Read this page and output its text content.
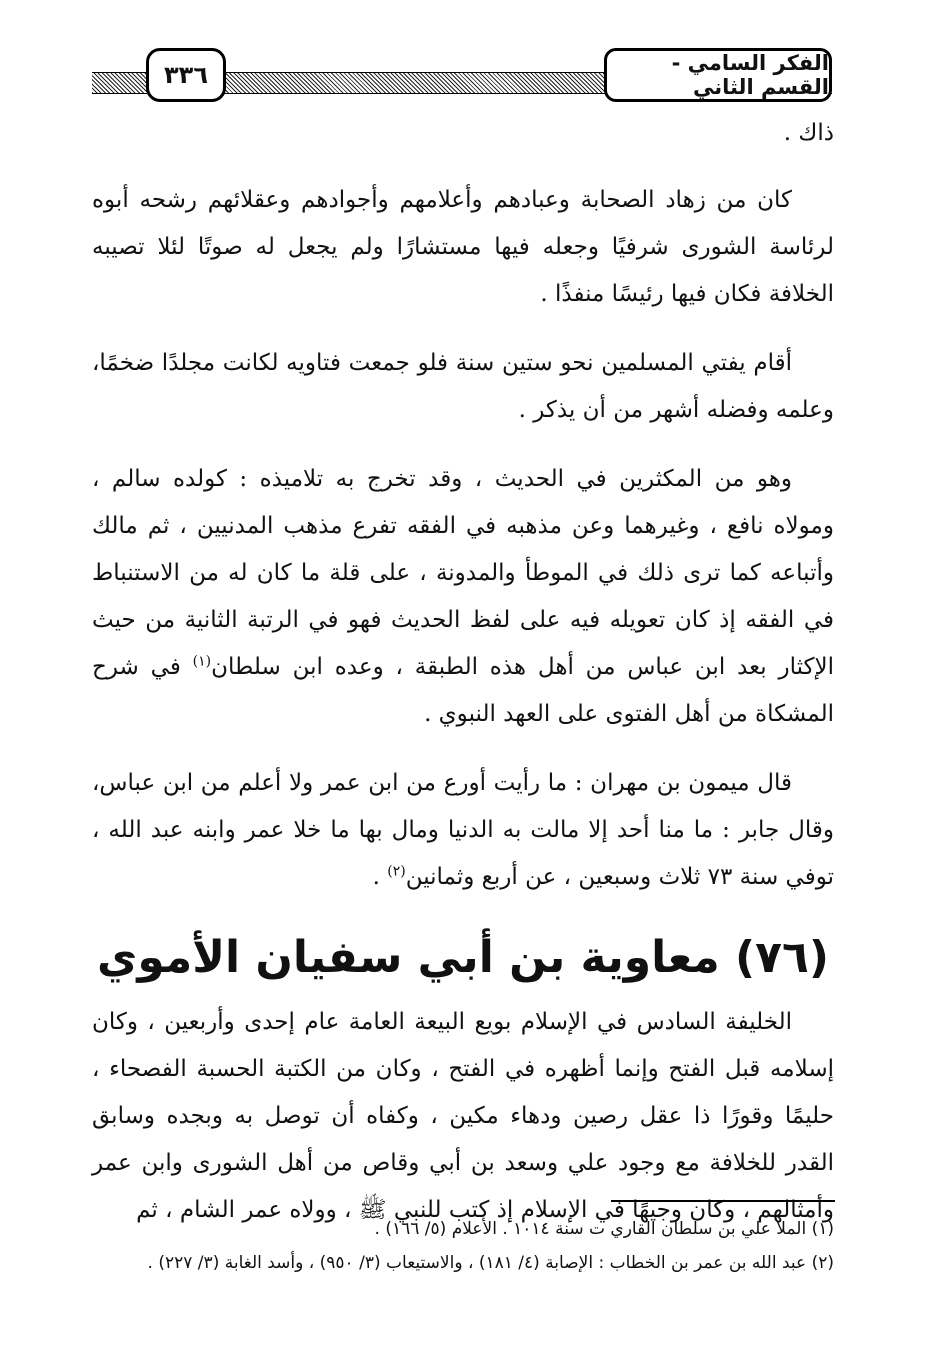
٣٣٦	الفكر السامي - القسم الثاني

ذاك .

كان من زهاد الصحابة وعبادهم وأعلامهم وأجوادهم وعقلائهم رشحه أبوه لرئاسة الشورى شرفيًا وجعله فيها مستشارًا ولم يجعل له صوتًا لئلا تصيبه الخلافة فكان فيها رئيسًا منفذًا .

أقام يفتي المسلمين نحو ستين سنة فلو جمعت فتاويه لكانت مجلدًا ضخمًا، وعلمه وفضله أشهر من أن يذكر .

وهو من المكثرين في الحديث ، وقد تخرج به تلاميذه : كولده سالم ، ومولاه نافع ، وغيرهما وعن مذهبه في الفقه تفرع مذهب المدنيين ، ثم مالك وأتباعه كما ترى ذلك في الموطأ والمدونة ، على قلة ما كان له من الاستنباط في الفقه إذ كان تعويله فيه على لفظ الحديث فهو في الرتبة الثانية من حيث الإكثار بعد ابن عباس من أهل هذه الطبقة ، وعده ابن سلطان$^{(١)}$ في شرح المشكاة من أهل الفتوى على العهد النبوي .

قال ميمون بن مهران : ما رأيت أورع من ابن عمر ولا أعلم من ابن عباس، وقال جابر : ما منا أحد إلا مالت به الدنيا ومال بها ما خلا عمر وابنه عبد الله ، توفي سنة ٧٣ ثلاث وسبعين ، عن أربع وثمانين$^{(٢)}$ .

(٧٦) معاوية بن أبي سفيان الأموي

الخليفة السادس في الإسلام بويع البيعة العامة عام إحدى وأربعين ، وكان إسلامه قبل الفتح وإنما أظهره في الفتح ، وكان من الكتبة الحسبة الفصحاء ، حليمًا وقورًا ذا عقل رصين ودهاء مكين ، وكفاه أن توصل به وبجده وسابق القدر للخلافة مع وجود علي وسعد بن أبي وقاص من أهل الشورى وابن عمر وأمثالهم ، وكان وجيهًا في الإسلام إذ كتب للنبي ﷺ ، وولاه عمر الشام ، ثم

(١) الملا علي بن سلطان القاري ت سنة ١٠١٤ . الأعلام (٥/ ١٦٦) .
(٢) عبد الله بن عمر بن الخطاب : الإصابة (٤/ ١٨١) ، والاستيعاب (٣/ ٩٥٠) ، وأسد الغابة (٣/ ٢٢٧) .
